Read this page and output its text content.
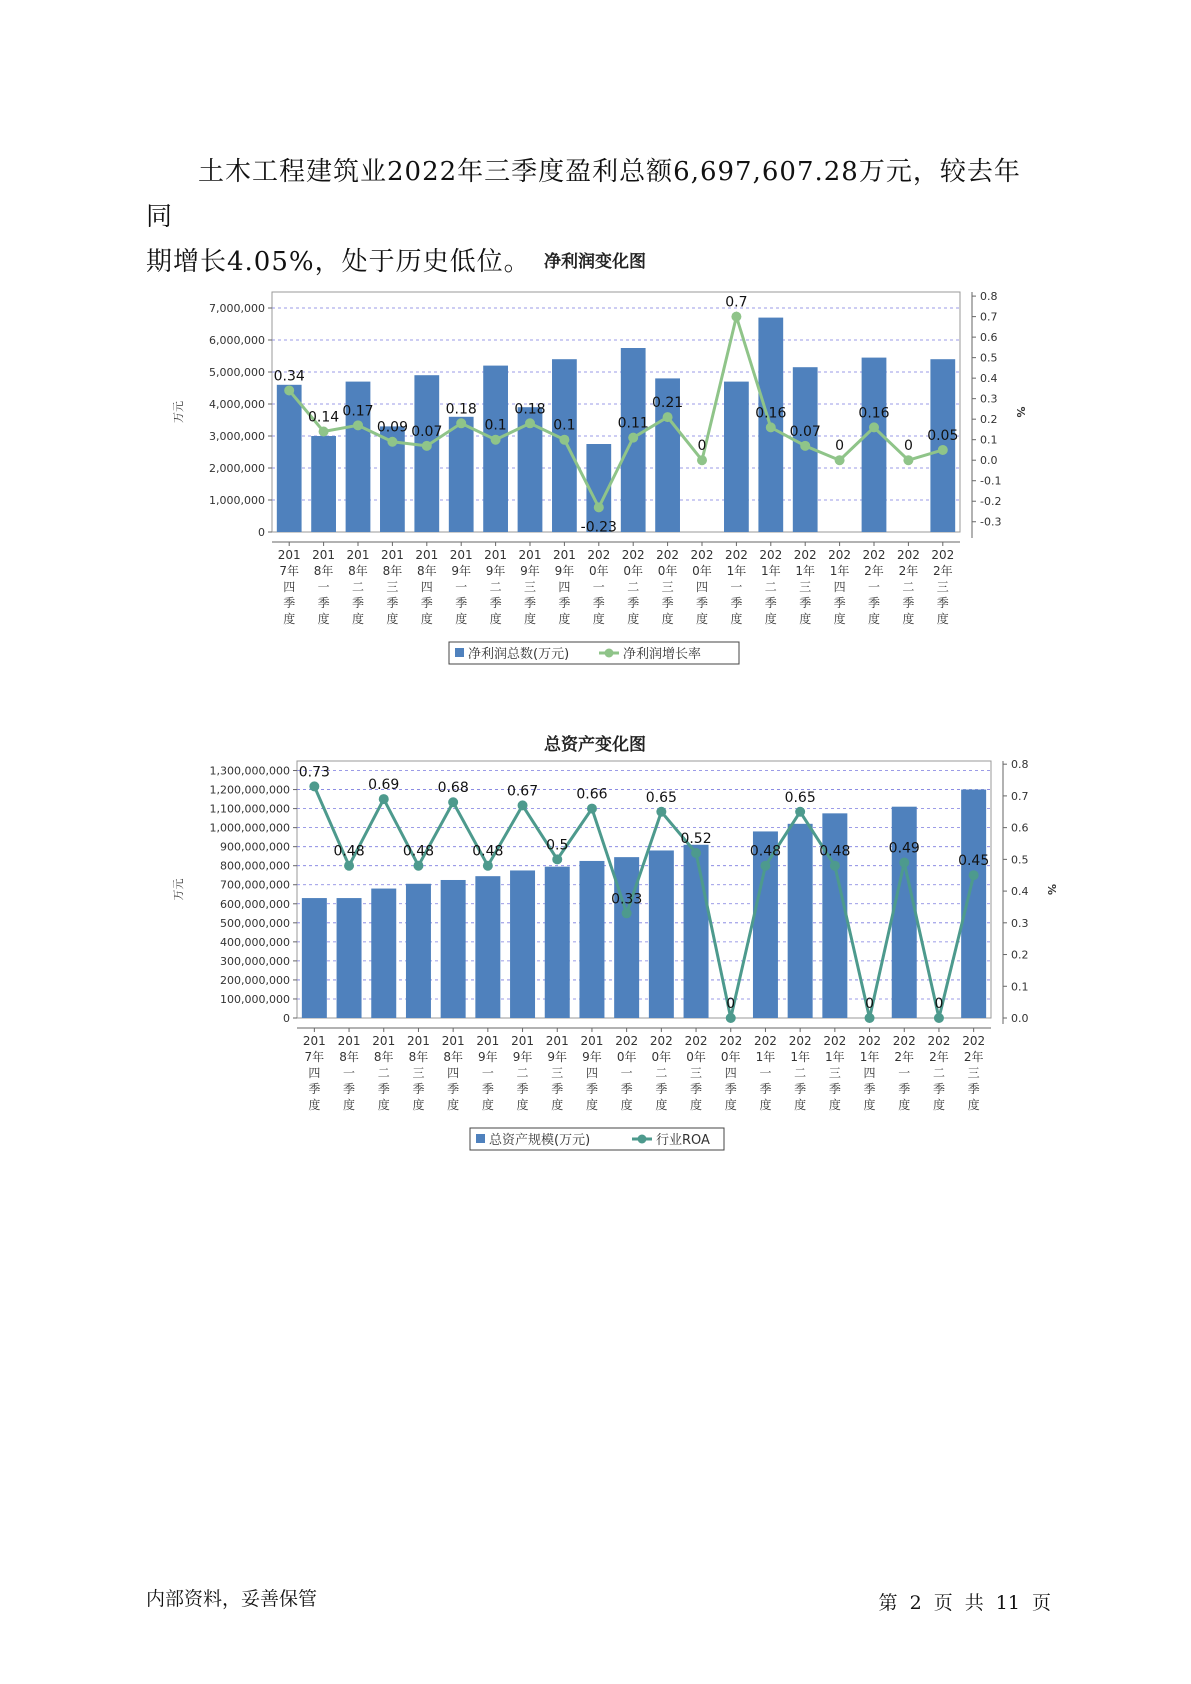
土木工程建筑业2022年三季度盈利总额6,697,607.28万元，较去年同
期增长4.05%，处于历史低位。 净利润变化图
0
1,000,000
2,000,000
3,000,000
4,000,000
5,000,000
6,000,000
7,000,000
-0.3
-0.2
-0.1
0.0
0.1
0.2
0.3
0.4
0.5
0.6
0.7
0.8
万元	%
201
7年
四
季
度
201
8年
一
季
度
201
8年
二
季
度
201
8年
三
季
度
201
8年
四
季
度
201
9年
一
季
度
201
9年
二
季
度
201
9年
三
季
度
201
9年
四
季
度
202
0年
一
季
度
202
0年
二
季
度
202
0年
三
季
度
202
0年
四
季
度
202
1年
一
季
度
202
1年
二
季
度
202
1年
三
季
度
202
1年
四
季
度
202
2年
一
季
度
202
2年
二
季
度
202
2年
三
季
度
0.34
0.14 0.17
0.09 0.07
0.18
0.1
0.18
0.1
-0.23
0.11
0.21
0
0.7
0.16
0.07
0
0.16
0
0.05
净利润总数(万元)	净利润增长率
总资产变化图
0
100,000,000
200,000,000
300,000,000
400,000,000
500,000,000
600,000,000
700,000,000
800,000,000
900,000,000
1,000,000,000
1,100,000,000
1,200,000,000
1,300,000,000
0.0
0.1
0.2
0.3
0.4
0.5
0.6
0.7
0.8
万元	%
201
7年
四
季
度
201
8年
一
季
度
201
8年
二
季
度
201
8年
三
季
度
201
8年
四
季
度
201
9年
一
季
度
201
9年
二
季
度
201
9年
三
季
度
201
9年
四
季
度
202
0年
一
季
度
202
0年
二
季
度
202
0年
三
季
度
202
0年
四
季
度
202
1年
一
季
度
202
1年
二
季
度
202
1年
三
季
度
202
1年
四
季
度
202
2年
一
季
度
202
2年
二
季
度
202
2年
三
季
度
0.73
0.48
0.69
0.48
0.68
0.48
0.67
0.5
0.66
0.33
0.65
0.52
0
0.48
0.65
0.48
0
0.49
0
0.45
总资产规模(万元)	行业ROA
内部资料，妥善保管	第 2 页 共 11 页
